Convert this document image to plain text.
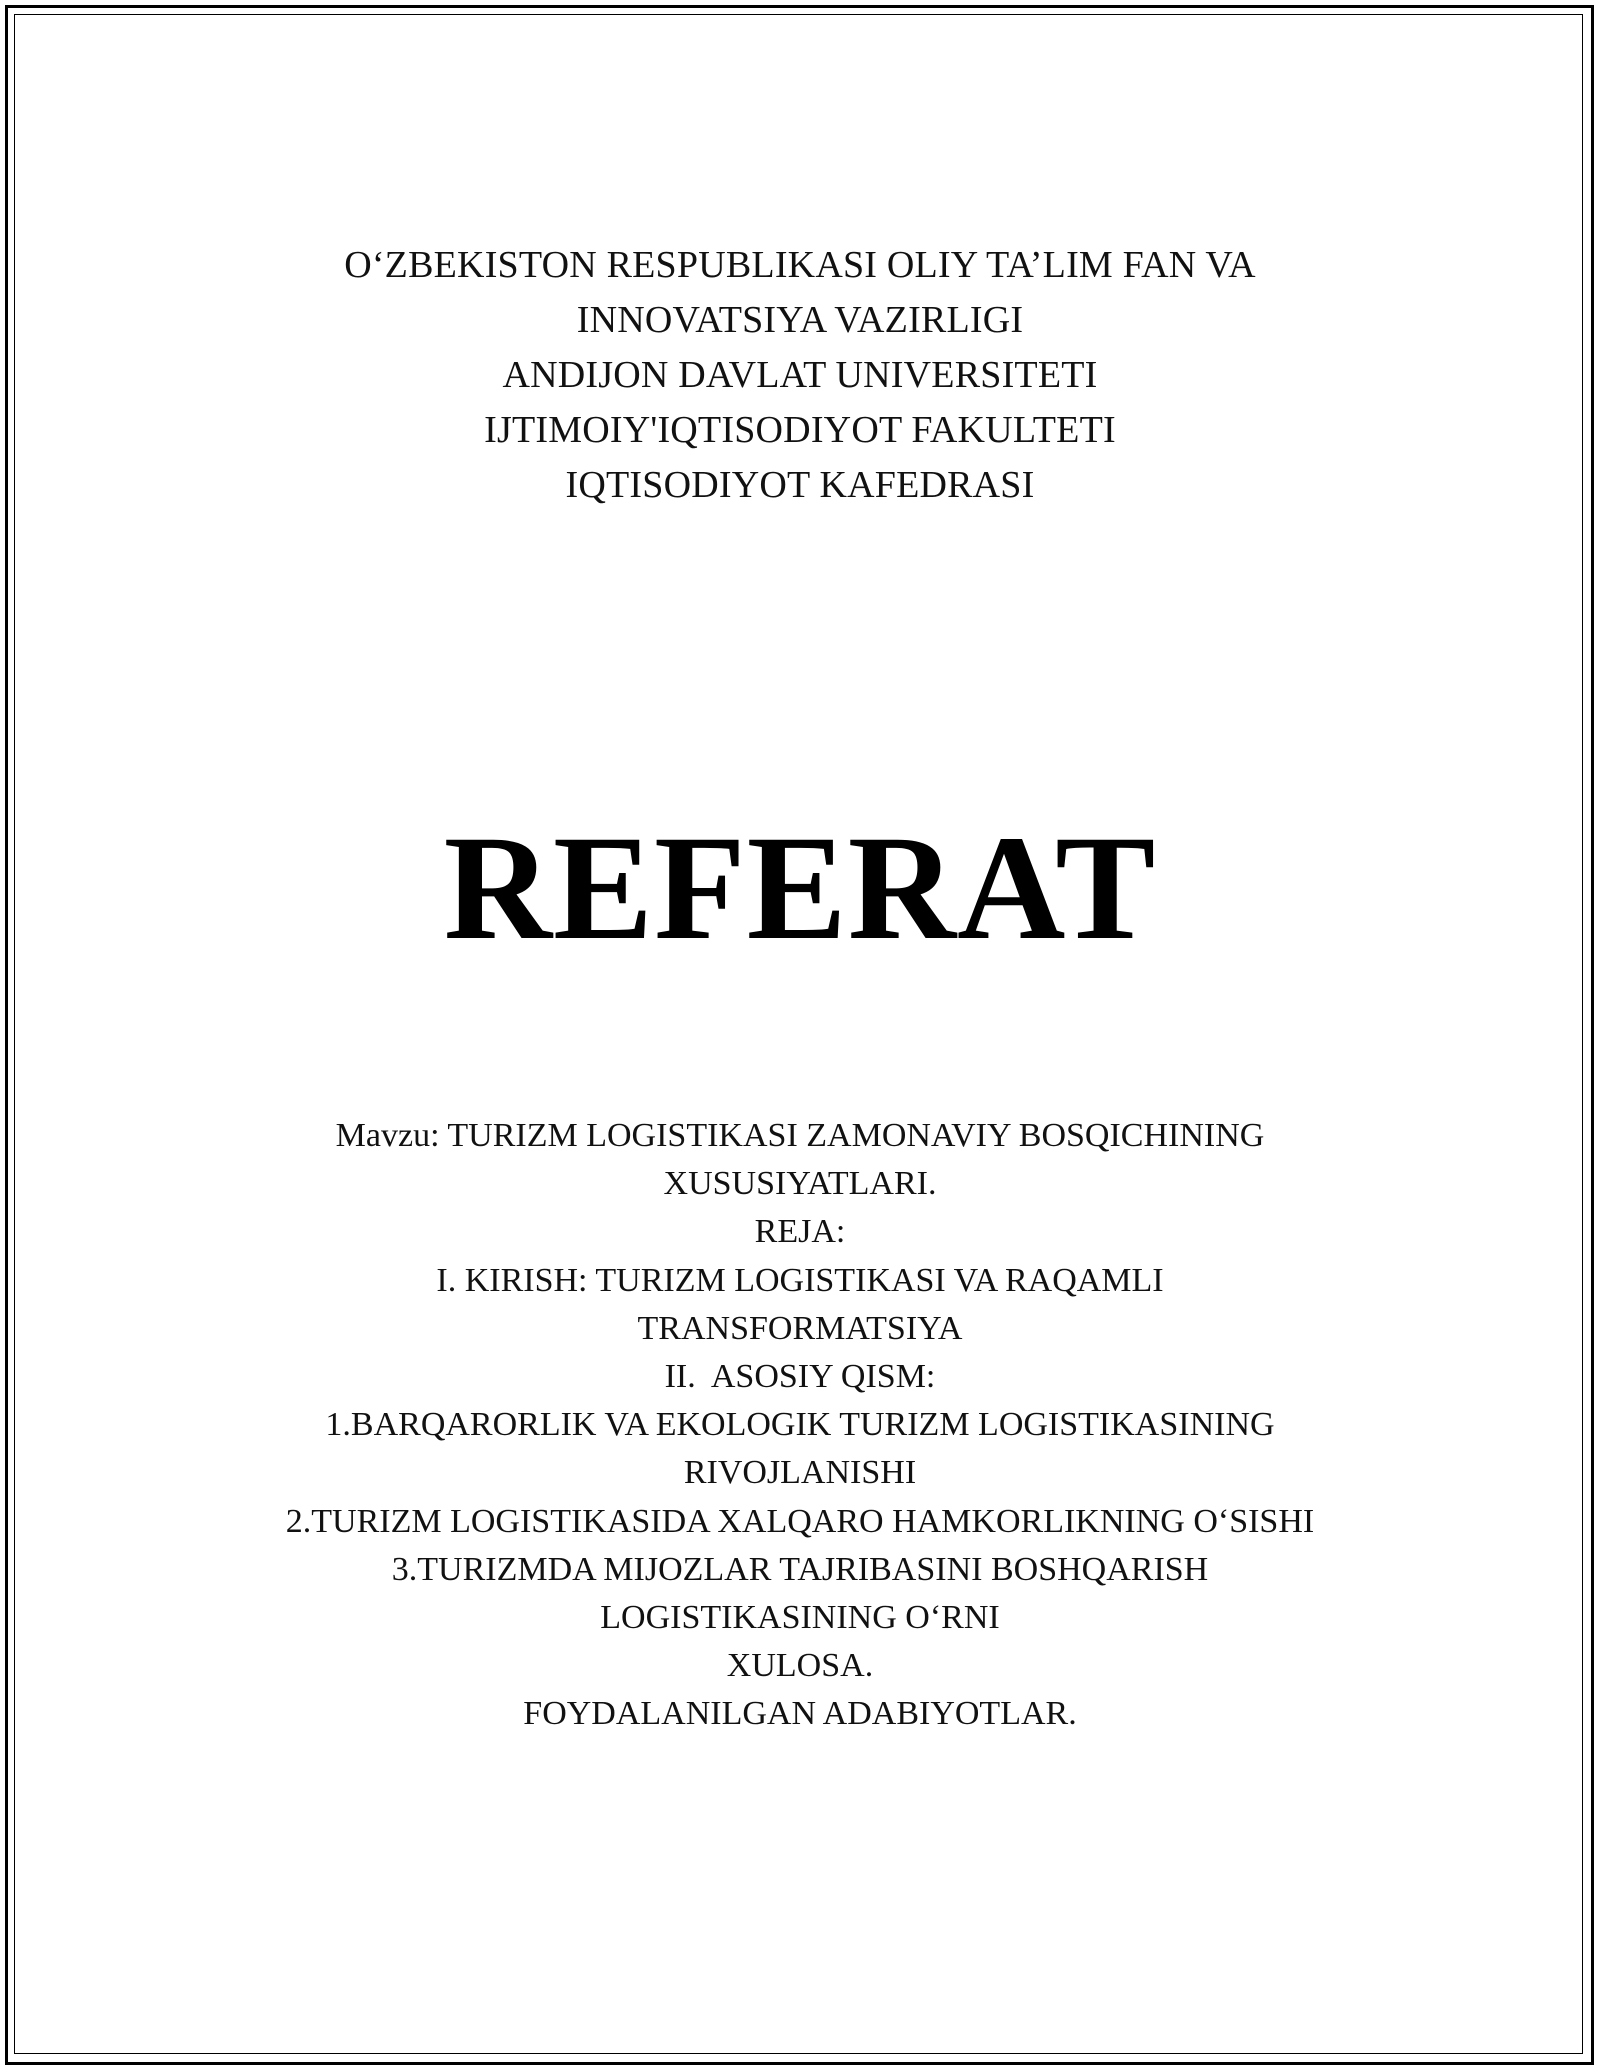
O‘ZBEKISTON RESPUBLIKASI OLIY TA’LIM FAN VA
INNOVATSIYA VAZIRLIGI
ANDIJON DAVLAT UNIVERSITETI
IJTIMOIY'IQTISODIYOT FAKULTETI
IQTISODIYOT KAFEDRASI
REFERAT
Mavzu: TURIZM LOGISTIKASI ZAMONAVIY BOSQICHINING
XUSUSIYATLARI.
REJA:
I. KIRISH: TURIZM LOGISTIKASI VA RAQAMLI
TRANSFORMATSIYA
II.  ASOSIY QISM:
1.BARQARORLIK VA EKOLOGIK TURIZM LOGISTIKASINING
RIVOJLANISHI
2.TURIZM LOGISTIKASIDA XALQARO HAMKORLIKNING O‘SISHI
3.TURIZMDA MIJOZLAR TAJRIBASINI BOSHQARISH
LOGISTIKASINING O‘RNI
XULOSA.
FOYDALANILGAN ADABIYOTLAR.
